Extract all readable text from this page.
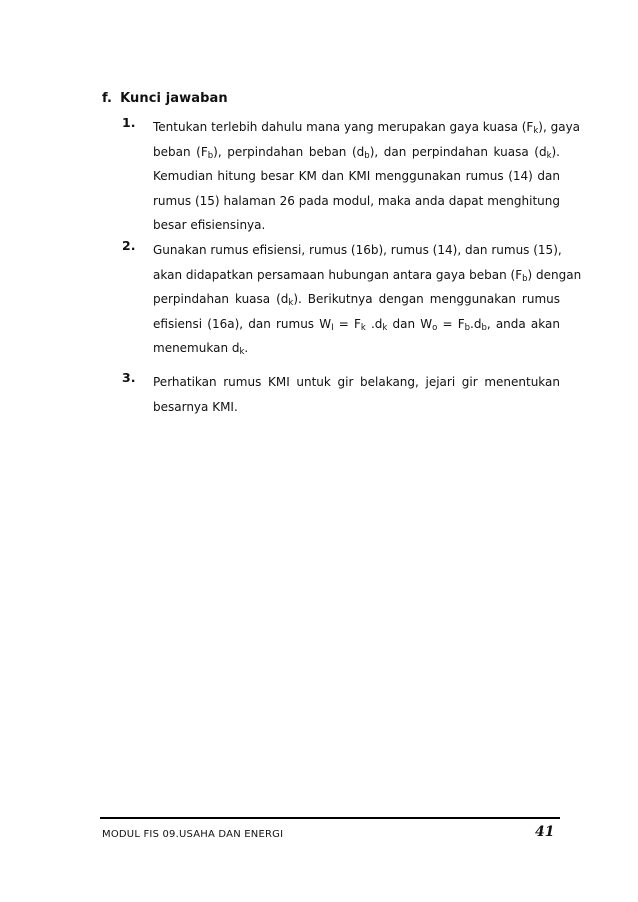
f. Kunci jawaban
1. Tentukan terlebih dahulu mana yang merupakan gaya kuasa $(F_k)$, gaya
beban $(F_b)$, perpindahan beban $(d_b)$, dan perpindahan kuasa $(d_k)$.
Kemudian hitung besar KM dan KMI menggunakan rumus (14) dan
rumus (15) halaman 26 pada modul, maka anda dapat menghitung
besar efisiensinya.
2. Gunakan rumus efisiensi, rumus (16b), rumus (14), dan rumus (15),
akan didapatkan persamaan hubungan antara gaya beban $(F_b)$ dengan
perpindahan kuasa $(d_k)$. Berikutnya dengan menggunakan rumus
efisiensi (16a), dan rumus $W_I = F_k$ $.d_k$ dan $W_o = F_b.d_b$, anda akan
menemukan $d_k$.
3. Perhatikan rumus KMI untuk gir belakang, jejari gir menentukan
besarnya KMI.
MODUL FIS 09.USAHA DAN ENERGI	41
